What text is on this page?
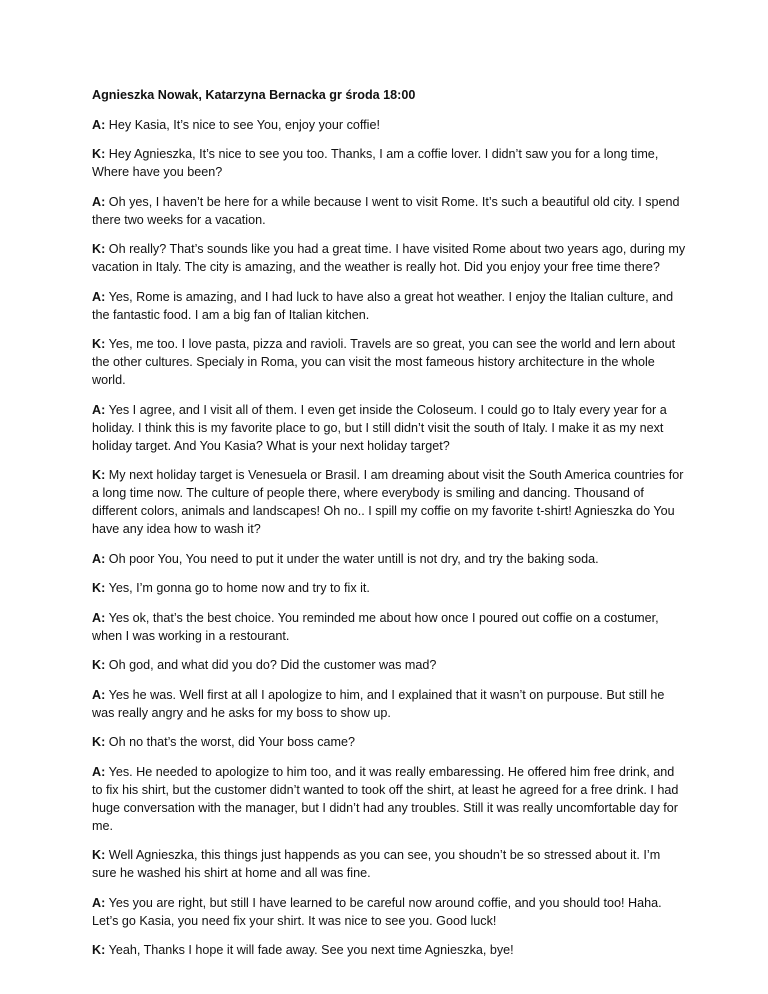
Agnieszka Nowak, Katarzyna Bernacka gr środa 18:00

A: Hey Kasia, It’s nice to see You, enjoy your coffie!

K: Hey Agnieszka, It’s nice to see you too. Thanks, I am a coffie lover. I didn’t saw you for a long time, Where have you been?

A: Oh yes, I haven’t be here for a while because I went to visit Rome. It’s such a beautiful old city. I spend there two weeks for a vacation.

K: Oh really? That’s sounds like you had a great time. I have visited Rome about two years ago, during my vacation in Italy. The city is amazing, and the weather is really hot. Did you enjoy your free time there?

A: Yes, Rome is amazing, and I had luck to have also a great hot weather. I enjoy the Italian culture, and the fantastic food. I am a big fan of Italian kitchen.

K: Yes, me too. I love pasta, pizza and ravioli. Travels are so great, you can see the world and lern about the other cultures. Specialy in Roma, you can visit the most fameous history architecture in the whole world.

A: Yes I agree, and I visit all of them. I even get inside the Coloseum. I could go to Italy every year for a holiday. I think this is my favorite place to go, but I still didn’t visit the south of Italy. I make it as my next holiday target. And You Kasia? What is your next holiday target?

K: My next holiday target is Venesuela or Brasil. I am dreaming about visit the South America countries for a long time now. The culture of people there, where everybody is smiling and dancing. Thousand of different colors, animals and landscapes! Oh no.. I spill my coffie on my favorite t-shirt! Agnieszka do You have any idea how to wash it?

A: Oh poor You, You need to put it under the water untill is not dry, and try the baking soda.

K: Yes, I’m gonna go to home now and try to fix it.

A: Yes ok, that’s the best choice. You reminded me about how once I poured out coffie on a costumer, when I was working in a restourant.

K: Oh god, and what did you do? Did the customer was mad?

A: Yes he was. Well first at all I apologize to him, and I explained that it wasn’t on purpouse. But still he was really angry and he asks for my boss to show up.

K: Oh no that’s the worst, did Your boss came?

A: Yes. He needed to apologize to him too, and it was really embaressing. He offered him free drink, and to fix his shirt, but the customer didn’t wanted to took off the shirt, at least he agreed for a free drink. I had huge conversation with the manager, but I didn’t had any troubles. Still it was really uncomfortable day for me.

K: Well Agnieszka, this things just happends as you can see, you shoudn’t be so stressed about it. I’m sure he washed his shirt at home and all was fine.

A: Yes you are right, but still I have learned to be careful now around coffie, and you should too! Haha. Let’s go Kasia, you need fix your shirt. It was nice to see you. Good luck!

K: Yeah, Thanks I hope it will fade away. See you next time Agnieszka, bye!
